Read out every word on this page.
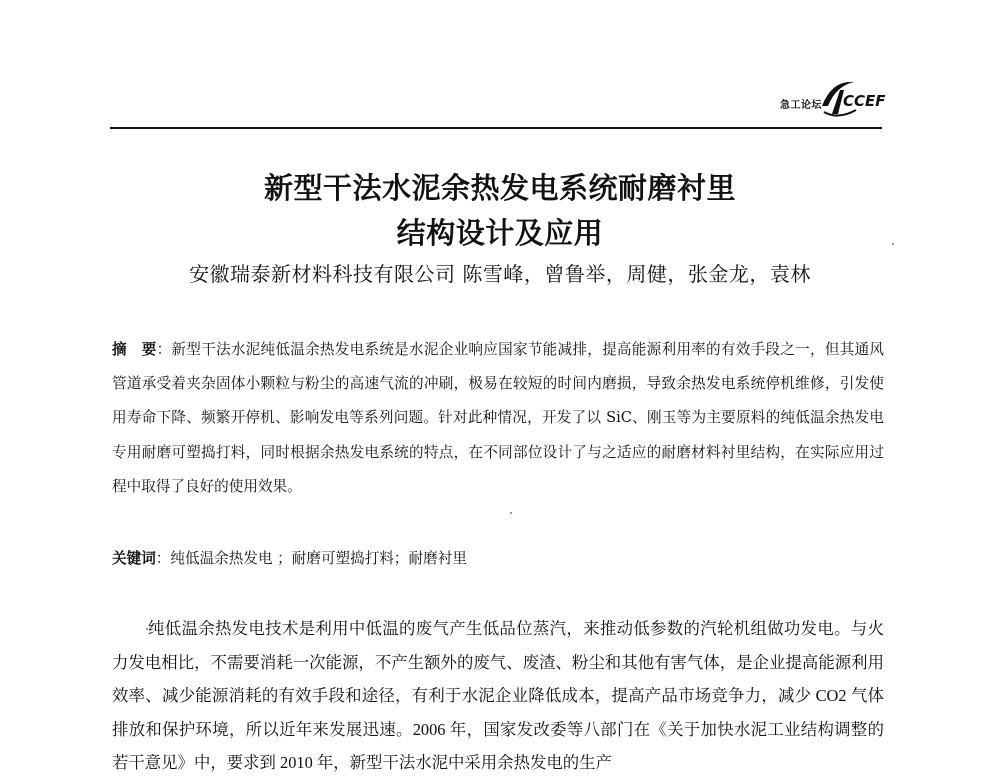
急工论坛 CCEF
新型干法水泥余热发电系统耐磨衬里
结构设计及应用
安徽瑞泰新材料科技有限公司 陈雪峰，曾鲁举，周健，张金龙，袁林
摘　要：新型干法水泥纯低温余热发电系统是水泥企业响应国家节能减排，提高能源利用率的有效手段之一，但其通风管道承受着夹杂固体小颗粒与粉尘的高速气流的冲刷，极易在较短的时间内磨损，导致余热发电系统停机维修，引发使用寿命下降、频繁开停机、影响发电等系列问题。针对此种情况，开发了以 SiC、刚玉等为主要原料的纯低温余热发电专用耐磨可塑捣打料，同时根据余热发电系统的特点，在不同部位设计了与之适应的耐磨材料衬里结构，在实际应用过程中取得了良好的使用效果。
关键词：纯低温余热发电 ；耐磨可塑捣打料；耐磨衬里
纯低温余热发电技术是利用中低温的废气产生低品位蒸汽，来推动低参数的汽轮机组做功发电。与火力发电相比，不需要消耗一次能源，不产生额外的废气、废渣、粉尘和其他有害气体，是企业提高能源利用效率、减少能源消耗的有效手段和途径，有利于水泥企业降低成本，提高产品市场竞争力，减少 CO2 气体排放和保护环境，所以近年来发展迅速。2006 年，国家发改委等八部门在《关于加快水泥工业结构调整的若干意见》中，要求到 2010 年，新型干法水泥中采用余热发电的生产
